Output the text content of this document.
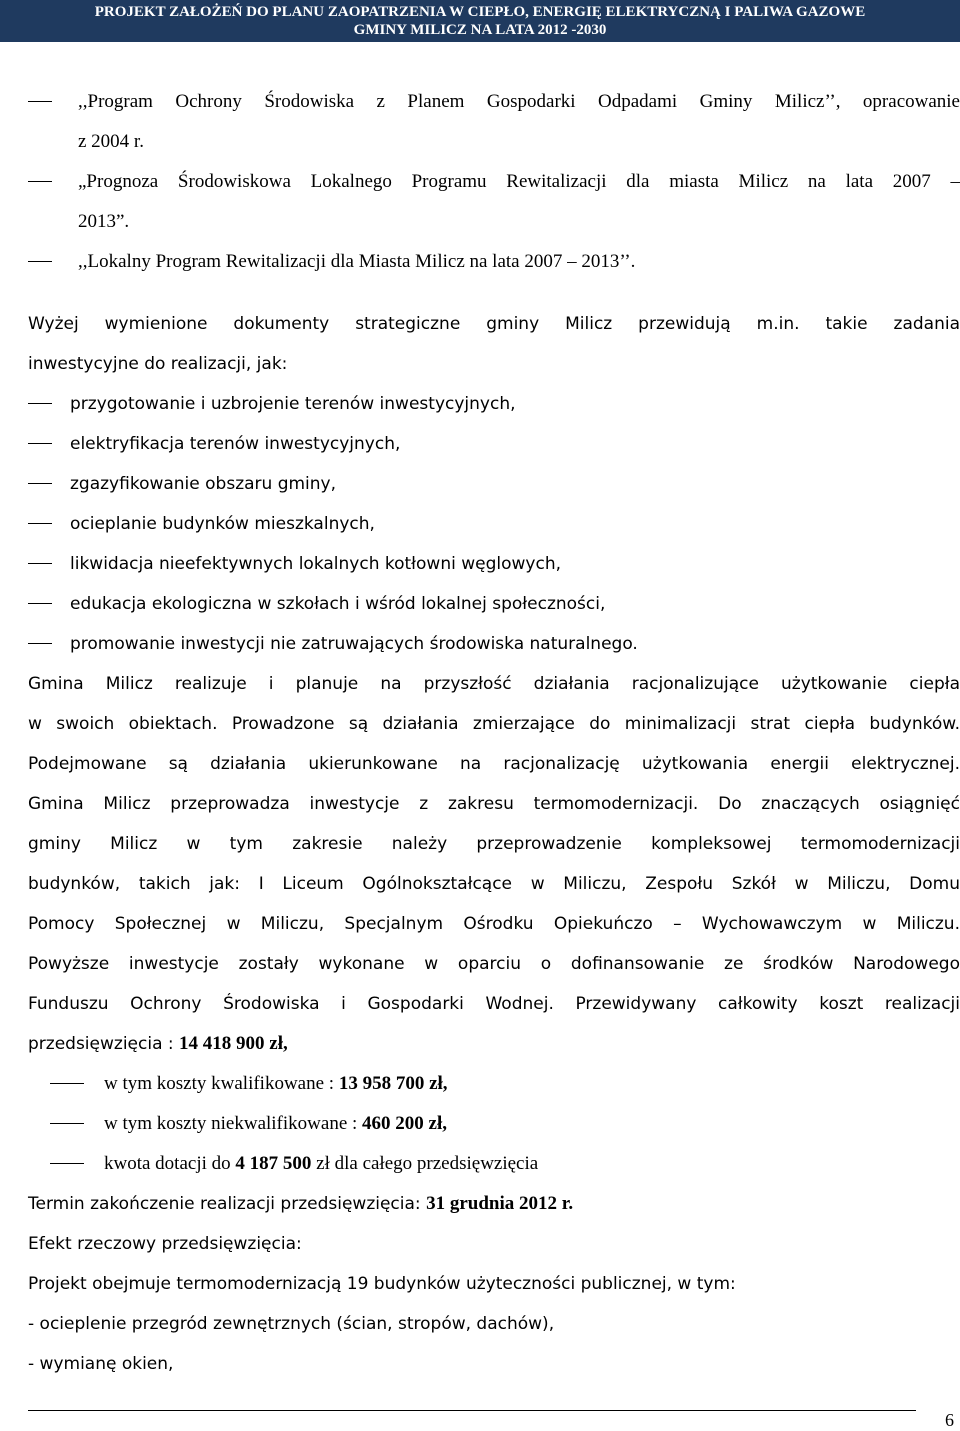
PROJEKT ZAŁOŻEŃ DO PLANU ZAOPATRZENIA W CIEPŁO, ENERGIĘ ELEKTRYCZNĄ I PALIWA GAZOWE
GMINY MILICZ NA LATA 2012 -2030
,,Program Ochrony Środowiska z Planem Gospodarki Odpadami Gminy Milicz’’, opracowanie
z 2004 r.
„Prognoza Środowiskowa Lokalnego Programu Rewitalizacji dla miasta Milicz na lata 2007 –
2013”.
,,Lokalny Program Rewitalizacji dla Miasta Milicz na lata 2007 – 2013’’.
Wyżej wymienione dokumenty strategiczne gminy Milicz przewidują m.in. takie zadania
inwestycyjne do realizacji, jak:
przygotowanie i uzbrojenie terenów inwestycyjnych,
elektryfikacja terenów inwestycyjnych,
zgazyfikowanie obszaru gminy,
ocieplanie budynków mieszkalnych,
likwidacja nieefektywnych lokalnych kotłowni węglowych,
edukacja ekologiczna w szkołach i wśród lokalnej społeczności,
promowanie inwestycji nie zatruwających środowiska naturalnego.
Gmina Milicz realizuje i planuje na przyszłość działania racjonalizujące użytkowanie ciepła
w swoich obiektach. Prowadzone są działania zmierzające do minimalizacji strat ciepła budynków.
Podejmowane są działania ukierunkowane na racjonalizację użytkowania energii elektrycznej.
Gmina Milicz przeprowadza inwestycje z zakresu termomodernizacji. Do znaczących osiągnięć
gminy Milicz w tym zakresie należy przeprowadzenie kompleksowej termomodernizacji
budynków, takich jak: I Liceum Ogólnokształcące w Miliczu, Zespołu Szkół w Miliczu, Domu
Pomocy Społecznej w Miliczu, Specjalnym Ośrodku Opiekuńczo – Wychowawczym w Miliczu.
Powyższe inwestycje zostały wykonane w oparciu o dofinansowanie ze środków Narodowego
Funduszu Ochrony Środowiska i Gospodarki Wodnej. Przewidywany całkowity koszt realizacji
przedsięwzięcia : 14 418 900 zł,
w tym koszty kwalifikowane : 13 958 700 zł,
w tym koszty niekwalifikowane : 460 200 zł,
kwota dotacji do 4 187 500 zł dla całego przedsięwzięcia
Termin zakończenie realizacji przedsięwzięcia: 31 grudnia 2012 r.
Efekt rzeczowy przedsięwzięcia:
Projekt obejmuje termomodernizacją 19 budynków użyteczności publicznej, w tym:
- ocieplenie przegród zewnętrznych (ścian, stropów, dachów),
- wymianę okien,
6
